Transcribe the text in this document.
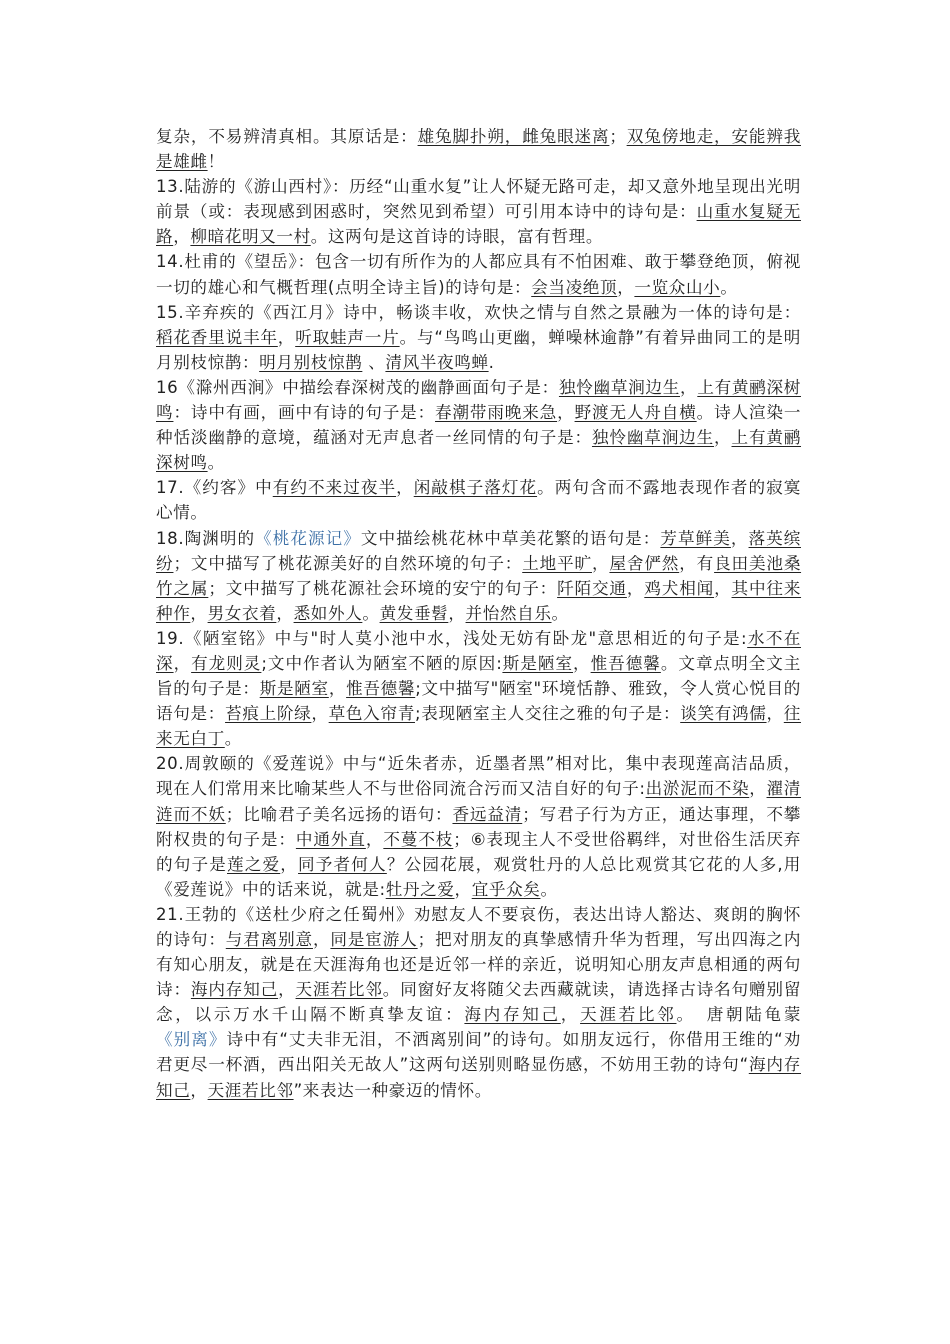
复杂，不易辨清真相。其原话是：雄兔脚扑朔，雌兔眼迷离；双兔傍地走，安能辨我是雄雌！

13.陆游的《游山西村》：历经“山重水复”让人怀疑无路可走，却又意外地呈现出光明前景（或：表现感到困惑时，突然见到希望）可引用本诗中的诗句是：山重水复疑无路，柳暗花明又一村。这两句是这首诗的诗眼，富有哲理。

14.杜甫的《望岳》：包含一切有所作为的人都应具有不怕困难、敢于攀登绝顶，俯视一切的雄心和气概哲理(点明全诗主旨)的诗句是：会当凌绝顶，一览众山小。

15.辛弃疾的《西江月》诗中，畅谈丰收，欢快之情与自然之景融为一体的诗句是：稻花香里说丰年，听取蛙声一片。与“鸟鸣山更幽，蝉噪林逾静”有着异曲同工的是明月别枝惊鹊：明月别枝惊鹊 、清风半夜鸣蝉.

16《滁州西涧》中描绘春深树茂的幽静画面句子是：独怜幽草涧边生，上有黄鹂深树鸣：诗中有画，画中有诗的句子是：春潮带雨晚来急，野渡无人舟自横。诗人渲染一种恬淡幽静的意境，蕴涵对无声息者一丝同情的句子是：独怜幽草涧边生，上有黄鹂深树鸣。

17.《约客》中有约不来过夜半，闲敲棋子落灯花。两句含而不露地表现作者的寂寞心情。

18.陶渊明的《桃花源记》文中描绘桃花林中草美花繁的语句是：芳草鲜美，落英缤纷；文中描写了桃花源美好的自然环境的句子：土地平旷，屋舍俨然，有良田美池桑竹之属；文中描写了桃花源社会环境的安宁的句子：阡陌交通，鸡犬相闻，其中往来种作，男女衣着，悉如外人。黄发垂髫，并怡然自乐。

19.《陋室铭》中与"时人莫小池中水，浅处无妨有卧龙"意思相近的句子是:水不在深，有龙则灵;文中作者认为陋室不陋的原因:斯是陋室，惟吾德馨。文章点明全文主旨的句子是：斯是陋室，惟吾德馨;文中描写"陋室"环境恬静、雅致，令人赏心悦目的语句是：苔痕上阶绿，草色入帘青;表现陋室主人交往之雅的句子是：谈笑有鸿儒，往来无白丁。

20.周敦颐的《爱莲说》中与“近朱者赤，近墨者黑”相对比，集中表现莲高洁品质，现在人们常用来比喻某些人不与世俗同流合污而又洁自好的句子:出淤泥而不染，濯清涟而不妖；比喻君子美名远扬的语句：香远益清；写君子行为方正，通达事理，不攀附权贵的句子是：中通外直，不蔓不枝；⑥表现主人不受世俗羁绊，对世俗生活厌弃的句子是莲之爱，同予者何人？公园花展，观赏牡丹的人总比观赏其它花的人多,用《爱莲说》中的话来说，就是:牡丹之爱，宜乎众矣。

21.王勃的《送杜少府之任蜀州》劝慰友人不要哀伤，表达出诗人豁达、爽朗的胸怀的诗句：与君离别意，同是宦游人；把对朋友的真挚感情升华为哲理，写出四海之内有知心朋友，就是在天涯海角也还是近邻一样的亲近，说明知心朋友声息相通的两句诗：海内存知己，天涯若比邻。同窗好友将随父去西藏就读，请选择古诗名句赠别留念，以示万水千山隔不断真挚友谊：海内存知己，天涯若比邻。　唐朝陆龟蒙《别离》诗中有“丈夫非无泪，不洒离别间”的诗句。如朋友远行，你借用王维的“劝君更尽一杯酒，西出阳关无故人”这两句送别则略显伤感，不妨用王勃的诗句“海内存知己，天涯若比邻”来表达一种豪迈的情怀。
